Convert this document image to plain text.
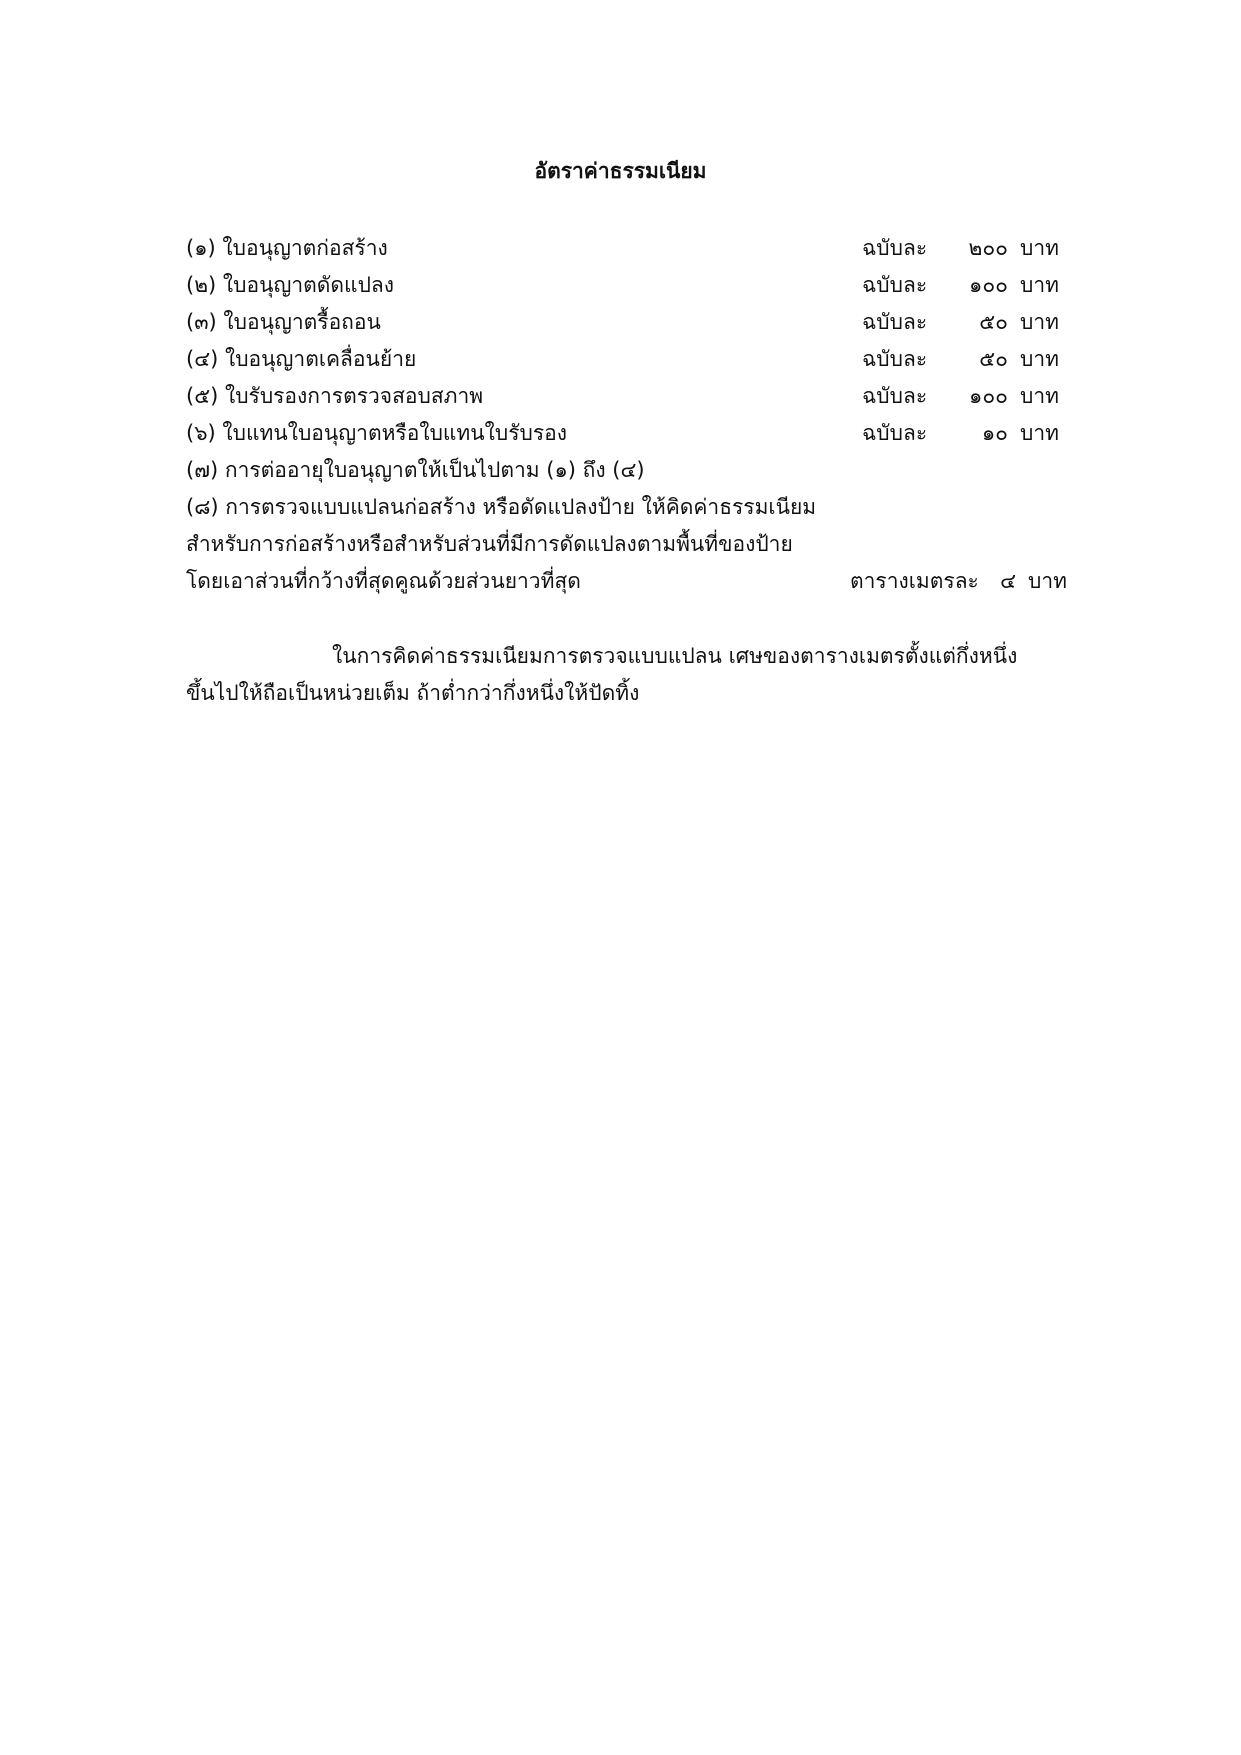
อัตราค่าธรรมเนียม
(๑) ใบอนุญาตก่อสร้าง	ฉบับละ	๒๐๐ บาท
(๒) ใบอนุญาตดัดแปลง	ฉบับละ	๑๐๐ บาท
(๓) ใบอนุญาตรื้อถอน	ฉบับละ	๕๐ บาท
(๔) ใบอนุญาตเคลื่อนย้าย	ฉบับละ	๕๐ บาท
(๕) ใบรับรองการตรวจสอบสภาพ	ฉบับละ	๑๐๐ บาท
(๖) ใบแทนใบอนุญาตหรือใบแทนใบรับรอง	ฉบับละ	๑๐ บาท
(๗) การต่ออายุใบอนุญาตให้เป็นไปตาม (๑) ถึง (๔)
(๘) การตรวจแบบแปลนก่อสร้าง หรือดัดแปลงป้าย ให้คิดค่าธรรมเนียม
สำหรับการก่อสร้างหรือสำหรับส่วนที่มีการดัดแปลงตามพื้นที่ของป้าย
โดยเอาส่วนที่กว้างที่สุดคูณด้วยส่วนยาวที่สุด	ตารางเมตรละ	๔ บาท
ในการคิดค่าธรรมเนียมการตรวจแบบแปลน เศษของตารางเมตรตั้งแต่กึ่งหนึ่ง
ขึ้นไปให้ถือเป็นหน่วยเต็ม ถ้าต่ำกว่ากึ่งหนึ่งให้ปัดทิ้ง
